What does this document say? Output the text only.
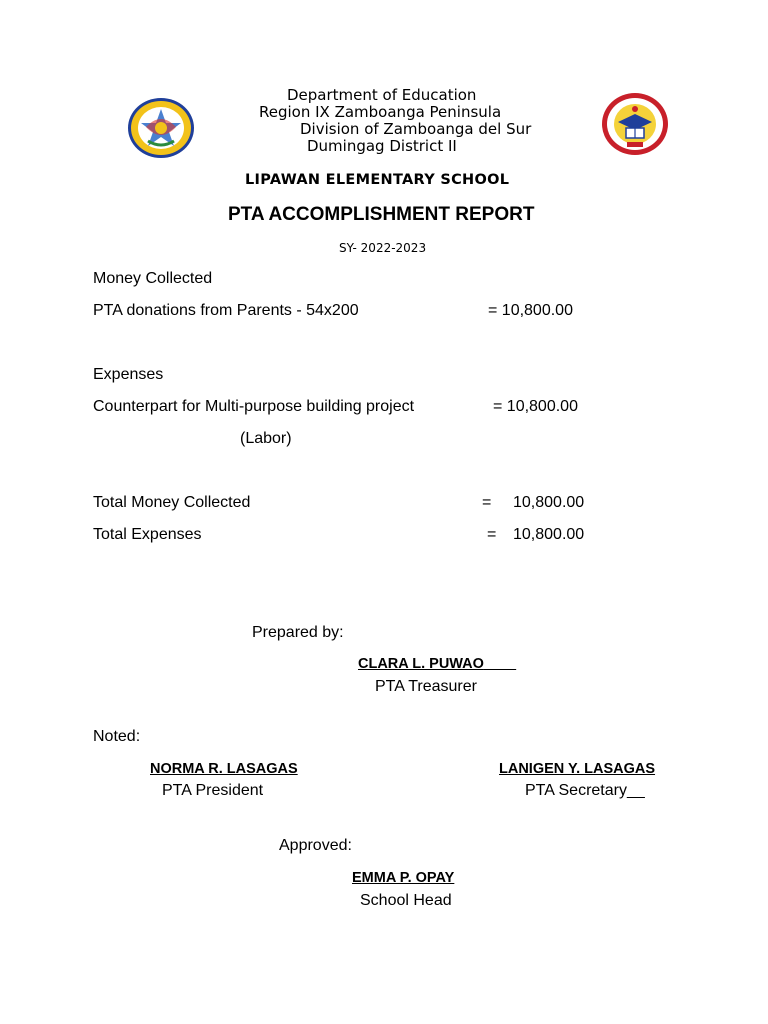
Department of Education
Region IX Zamboanga Peninsula
Division of Zamboanga del Sur
Dumingag District II
LIPAWAN ELEMENTARY SCHOOL
PTA ACCOMPLISHMENT REPORT
SY- 2022-2023
Money Collected
PTA donations from Parents - 54x200	= 10,800.00
Expenses
Counterpart for Multi-purpose building project	= 10,800.00
(Labor)
Total Money Collected	= 10,800.00
Total Expenses	= 10,800.00
Prepared by:
CLARA L. PUWAO
PTA Treasurer
Noted:
NORMA R. LASAGAS
PTA President
LANIGEN Y. LASAGAS
PTA Secretary__
Approved:
EMMA P. OPAY
School Head
